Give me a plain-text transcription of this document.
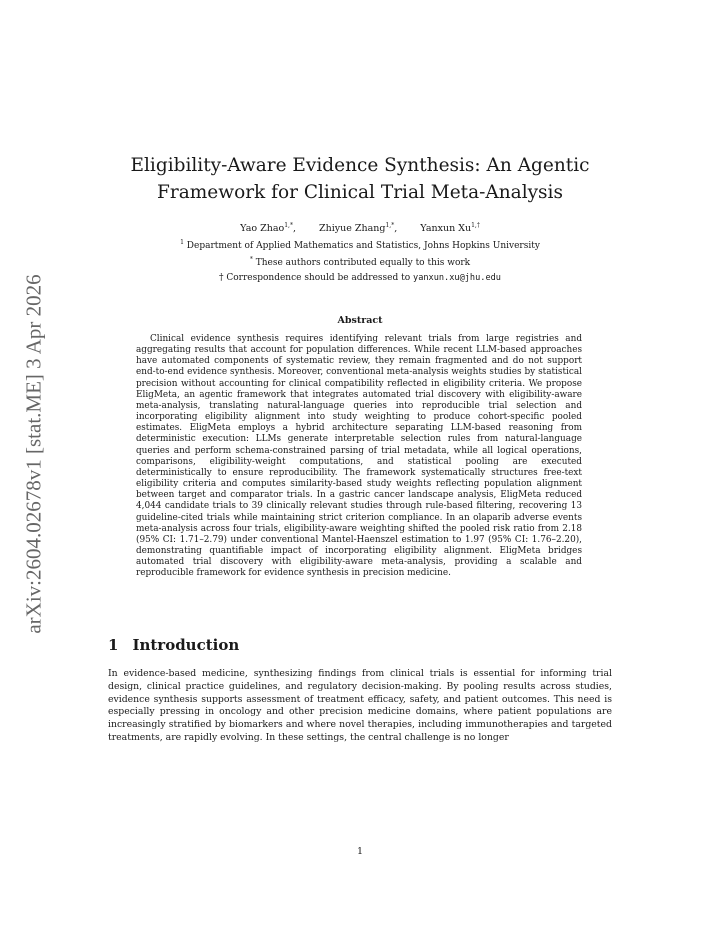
arXiv:2604.02678v1 [stat.ME] 3 Apr 2026
Eligibility-Aware Evidence Synthesis: An Agentic
Framework for Clinical Trial Meta-Analysis
Yao Zhao$^{1,*}$, Zhiyue Zhang$^{1,*}$, Yanxun $Xu^{1,\dagger}$
$^1$ Department of Applied Mathematics and Statistics, Johns Hopkins University
* These authors contributed equally to this work
† Correspondence should be addressed to yanxun.xu@jhu.edu
Abstract

Clinical evidence synthesis requires identifying relevant trials from large registries and aggregating results that account for population differences. While recent LLM-based approaches have automated components of systematic review, they remain fragmented and do not support end-to-end evidence synthesis. Moreover, conventional meta-analysis weights studies by statistical precision without accounting for clinical compatibility reflected in eligibility criteria. We propose EligMeta, an agentic framework that integrates automated trial discovery with eligibility-aware meta-analysis, translating natural-language queries into reproducible trial selection and incorporating eligibility alignment into study weighting to produce cohort-specific pooled estimates. EligMeta employs a hybrid architecture separating LLM-based reasoning from deterministic execution: LLMs generate interpretable selection rules from natural-language queries and perform schema-constrained parsing of trial metadata, while all logical operations, comparisons, eligibility-weight computations, and statistical pooling are executed deterministically to ensure reproducibility. The framework systematically structures free-text eligibility criteria and computes similarity-based study weights reflecting population alignment between target and comparator trials. In a gastric cancer landscape analysis, EligMeta reduced 4,044 candidate trials to 39 clinically relevant studies through rule-based filtering, recovering 13 guideline-cited trials while maintaining strict criterion compliance. In an olaparib adverse events meta-analysis across four trials, eligibility-aware weighting shifted the pooled risk ratio from 2.18 (95% CI: 1.71–2.79) under conventional Mantel-Haenszel estimation to 1.97 (95% CI: 1.76–2.20), demonstrating quantifiable impact of incorporating eligibility alignment. EligMeta bridges automated trial discovery with eligibility-aware meta-analysis, providing a scalable and reproducible framework for evidence synthesis in precision medicine.

1 Introduction

In evidence-based medicine, synthesizing findings from clinical trials is essential for informing trial design, clinical practice guidelines, and regulatory decision-making. By pooling results across studies, evidence synthesis supports assessment of treatment efficacy, safety, and patient outcomes. This need is especially pressing in oncology and other precision medicine domains, where patient populations are increasingly stratified by biomarkers and where novel therapies, including immunotherapies and targeted treatments, are rapidly evolving. In these settings, the central challenge is no longer

1
